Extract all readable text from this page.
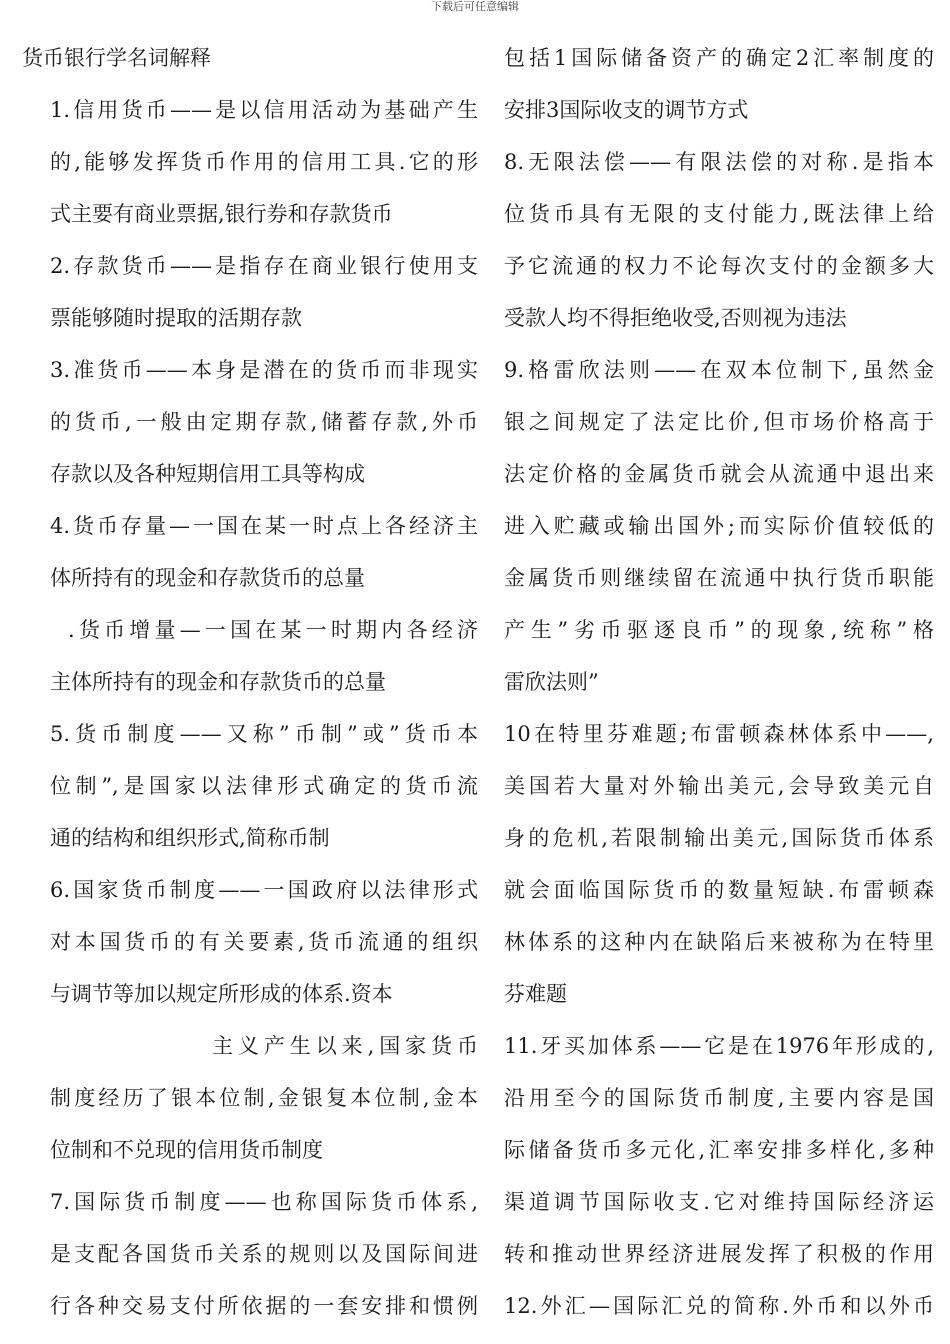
下载后可任意编辑
货币银行学名词解释
1.信用货币——是以信用活动为基础产生
的,能够发挥货币作用的信用工具.它的形
式主要有商业票据,银行券和存款货币
2.存款货币——是指存在商业银行使用支
票能够随时提取的活期存款
3.准货币——本身是潜在的货币而非现实
的货币,一般由定期存款,储蓄存款,外币
存款以及各种短期信用工具等构成
4.货币存量—一国在某一时点上各经济主
体所持有的现金和存款货币的总量
.货币增量—一国在某一时期内各经济
主体所持有的现金和存款货币的总量
5.货币制度——又称”币制”或”货币本
位制”,是国家以法律形式确定的货币流
通的结构和组织形式,简称币制
6.国家货币制度——一国政府以法律形式
对本国货币的有关要素,货币流通的组织
与调节等加以规定所形成的体系.资本
主义产生以来,国家货币
制度经历了银本位制,金银复本位制,金本
位制和不兑现的信用货币制度
7.国际货币制度——也称国际货币体系,
是支配各国货币关系的规则以及国际间进
行各种交易支付所依据的一套安排和惯例
包括1国际储备资产的确定2汇率制度的
安排3国际收支的调节方式
8.无限法偿——有限法偿的对称.是指本
位货币具有无限的支付能力,既法律上给
予它流通的权力不论每次支付的金额多大
受款人均不得拒绝收受,否则视为违法
9.格雷欣法则——在双本位制下,虽然金
银之间规定了法定比价,但市场价格高于
法定价格的金属货币就会从流通中退出来
进入贮藏或输出国外;而实际价值较低的
金属货币则继续留在流通中执行货币职能
产生”劣币驱逐良币”的现象,统称”格
雷欣法则”
10在特里芬难题;布雷顿森林体系中——,
美国若大量对外输出美元,会导致美元自
身的危机,若限制输出美元,国际货币体系
就会面临国际货币的数量短缺.布雷顿森
林体系的这种内在缺陷后来被称为在特里
芬难题
11.牙买加体系——它是在1976年形成的,
沿用至今的国际货币制度,主要内容是国
际储备货币多元化,汇率安排多样化,多种
渠道调节国际收支.它对维持国际经济运
转和推动世界经济进展发挥了积极的作用
12.外汇—国际汇兑的简称.外币和以外币
